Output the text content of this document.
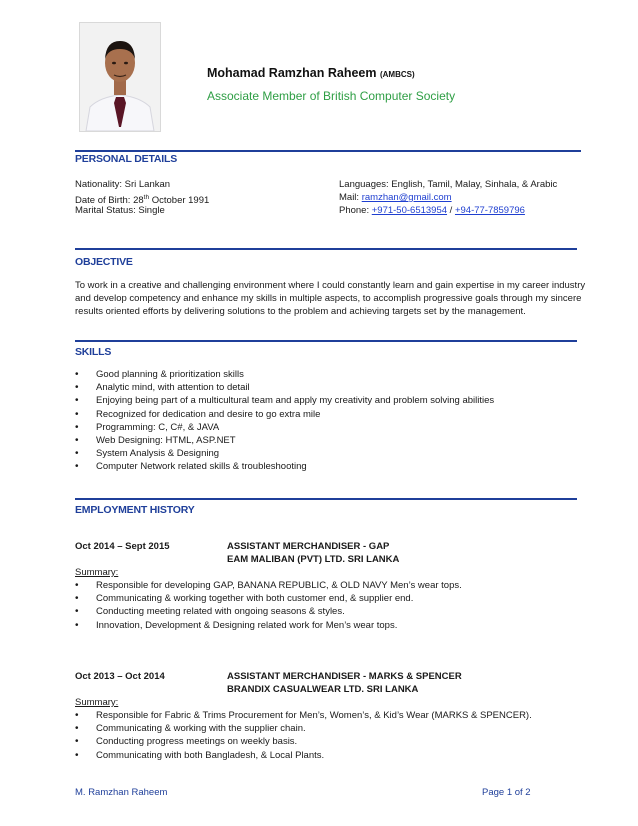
Mohamad Ramzhan Raheem (AMBCS)
Associate Member of British Computer Society
PERSONAL DETAILS
Nationality: Sri Lankan
Date of Birth: 28th October 1991
Marital Status: Single
Languages: English, Tamil, Malay, Sinhala, & Arabic
Mail: ramzhan@gmail.com
Phone: +971-50-6513954 / +94-77-7859796
OBJECTIVE
To work in a creative and challenging environment where I could constantly learn and gain expertise in my career industry and develop competency and enhance my skills in multiple aspects, to accomplish progressive goals through my sincere results oriented efforts by delivering solutions to the problem and achieving targets set by the management.
SKILLS
• Good planning & prioritization skills
• Analytic mind, with attention to detail
• Enjoying being part of a multicultural team and apply my creativity and problem solving abilities
• Recognized for dedication and desire to go extra mile
• Programming: C, C#, & JAVA
• Web Designing: HTML, ASP.NET
• System Analysis & Designing
• Computer Network related skills & troubleshooting
EMPLOYMENT HISTORY
Oct 2014 – Sept 2015	ASSISTANT MERCHANDISER - GAP
EAM MALIBAN (PVT) LTD. SRI LANKA
Summary:
• Responsible for developing GAP, BANANA REPUBLIC, & OLD NAVY Men’s wear tops.
• Communicating & working together with both customer end, & supplier end.
• Conducting meeting related with ongoing seasons & styles.
• Innovation, Development & Designing related work for Men’s wear tops.
Oct 2013 – Oct 2014	ASSISTANT MERCHANDISER - MARKS & SPENCER
BRANDIX CASUALWEAR LTD. SRI LANKA
Summary:
• Responsible for Fabric & Trims Procurement for Men’s, Women’s, & Kid’s Wear (MARKS & SPENCER).
• Communicating & working with the supplier chain.
• Conducting progress meetings on weekly basis.
• Communicating with both Bangladesh, & Local Plants.
M. Ramzhan Raheem	Page 1 of 2
